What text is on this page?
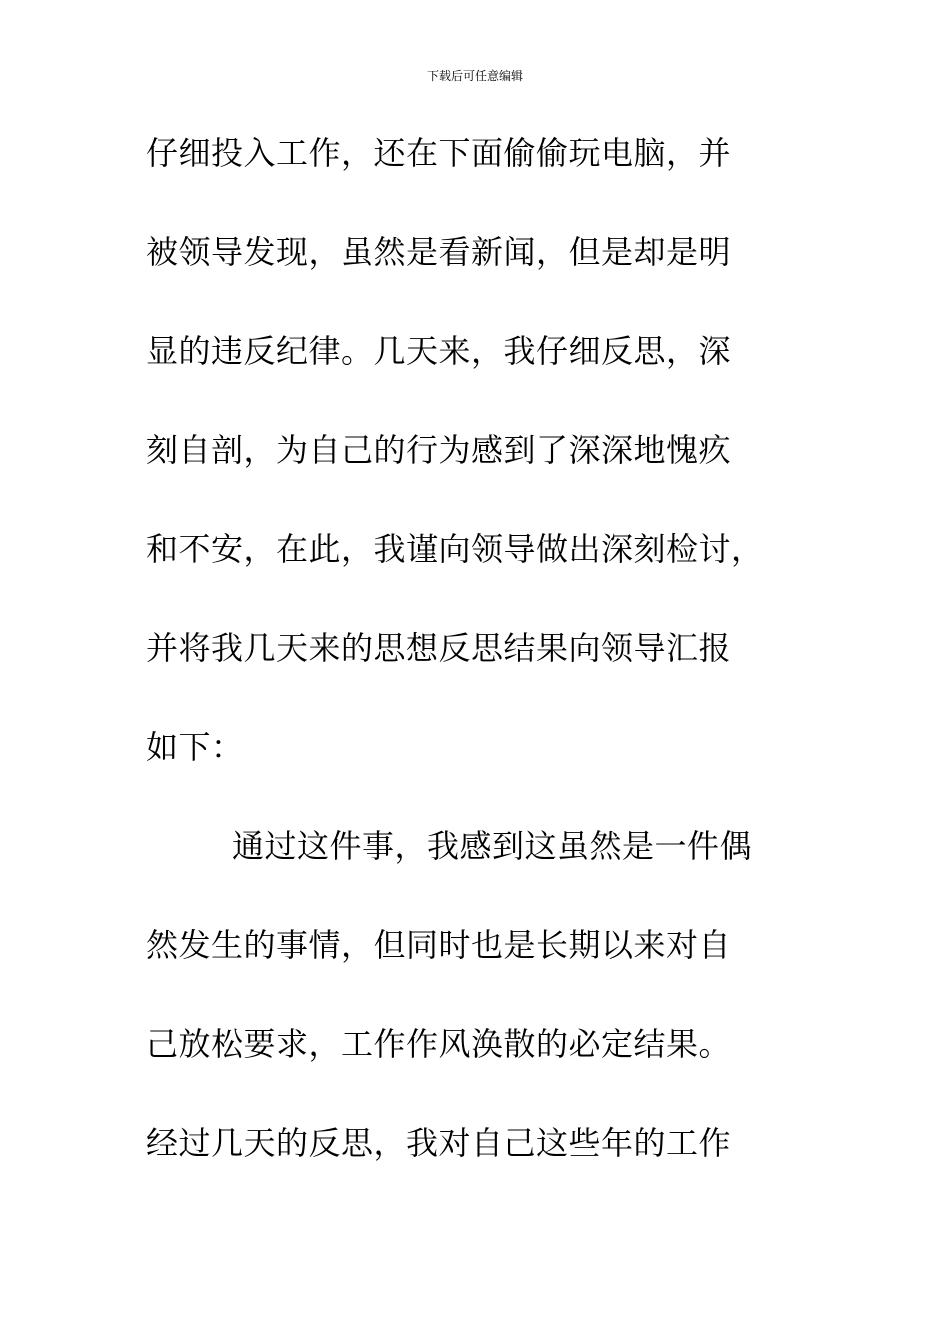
下载后可任意编辑
仔细投入工作，还在下面偷偷玩电脑，并
被领导发现，虽然是看新闻，但是却是明
显的违反纪律。几天来，我仔细反思，深
刻自剖，为自己的行为感到了深深地愧疚
和不安，在此，我谨向领导做出深刻检讨，
并将我几天来的思想反思结果向领导汇报
如下：
通过这件事，我感到这虽然是一件偶
然发生的事情，但同时也是长期以来对自
己放松要求，工作作风涣散的必定结果。
经过几天的反思，我对自己这些年的工作
